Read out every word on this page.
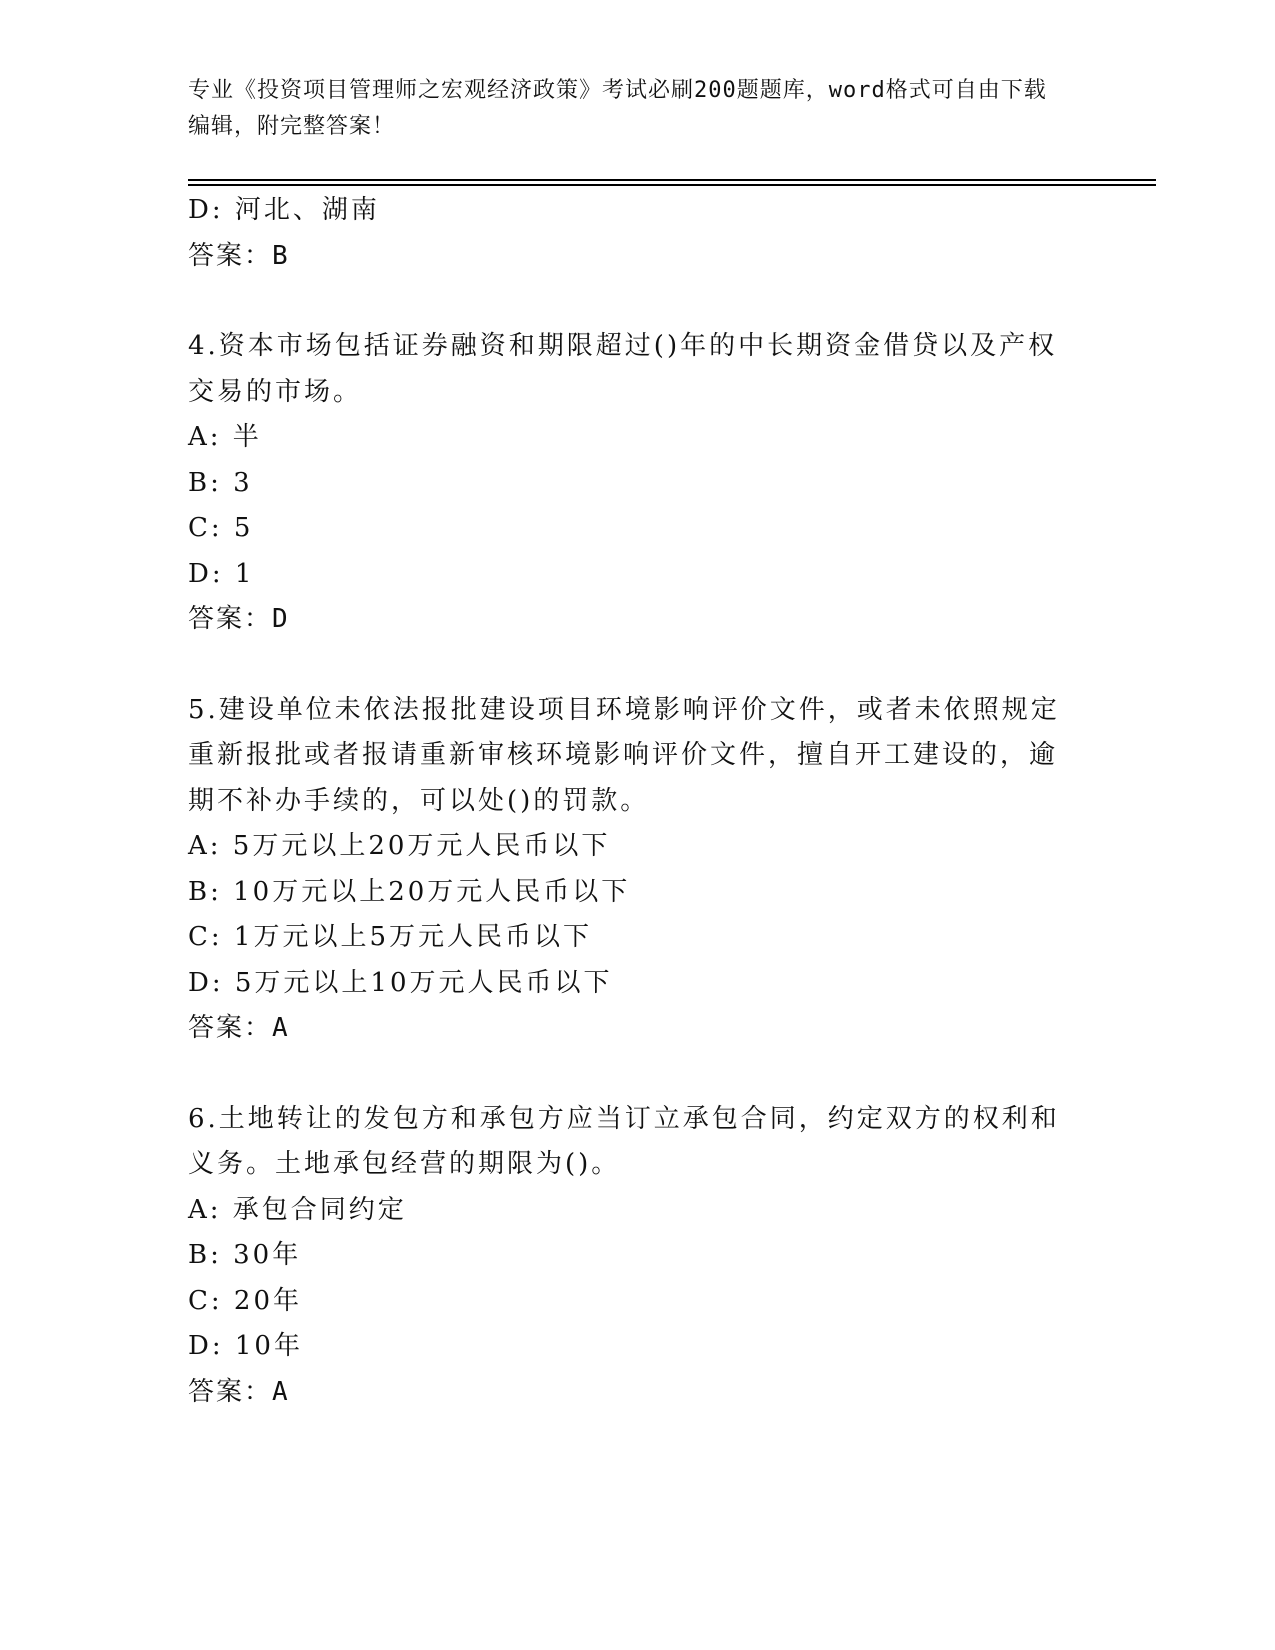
专业《投资项目管理师之宏观经济政策》考试必刷200题题库，word格式可自由下载编辑，附完整答案！
D: 河北、湖南
答案：B
4.资本市场包括证券融资和期限超过()年的中长期资金借贷以及产权交易的市场。
A: 半
B: 3
C: 5
D: 1
答案：D
5.建设单位未依法报批建设项目环境影响评价文件，或者未依照规定重新报批或者报请重新审核环境影响评价文件，擅自开工建设的，逾期不补办手续的，可以处()的罚款。
A: 5万元以上20万元人民币以下
B: 10万元以上20万元人民币以下
C: 1万元以上5万元人民币以下
D: 5万元以上10万元人民币以下
答案：A
6.土地转让的发包方和承包方应当订立承包合同，约定双方的权利和义务。土地承包经营的期限为()。
A: 承包合同约定
B: 30年
C: 20年
D: 10年
答案：A
